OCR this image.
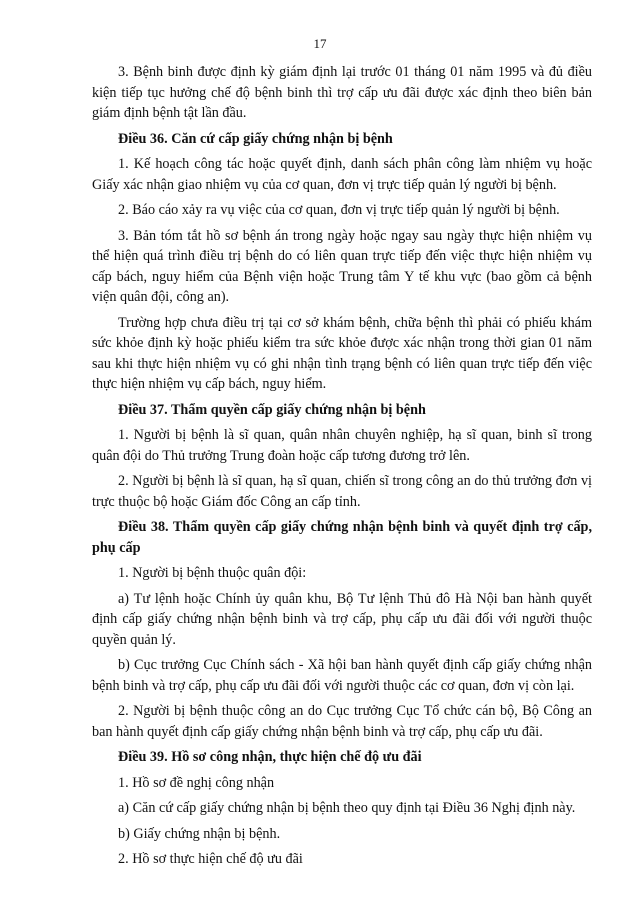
17

3. Bệnh binh được định kỳ giám định lại trước 01 tháng 01 năm 1995 và đủ điều kiện tiếp tục hưởng chế độ bệnh binh thì trợ cấp ưu đãi được xác định theo biên bản giám định bệnh tật lần đầu.

Điều 36. Căn cứ cấp giấy chứng nhận bị bệnh

1. Kế hoạch công tác hoặc quyết định, danh sách phân công làm nhiệm vụ hoặc Giấy xác nhận giao nhiệm vụ của cơ quan, đơn vị trực tiếp quản lý người bị bệnh.

2. Báo cáo xảy ra vụ việc của cơ quan, đơn vị trực tiếp quản lý người bị bệnh.

3. Bản tóm tắt hồ sơ bệnh án trong ngày hoặc ngay sau ngày thực hiện nhiệm vụ thể hiện quá trình điều trị bệnh do có liên quan trực tiếp đến việc thực hiện nhiệm vụ cấp bách, nguy hiểm của Bệnh viện hoặc Trung tâm Y tế khu vực (bao gồm cả bệnh viện quân đội, công an).

Trường hợp chưa điều trị tại cơ sở khám bệnh, chữa bệnh thì phải có phiếu khám sức khỏe định kỳ hoặc phiếu kiểm tra sức khỏe được xác nhận trong thời gian 01 năm sau khi thực hiện nhiệm vụ có ghi nhận tình trạng bệnh có liên quan trực tiếp đến việc thực hiện nhiệm vụ cấp bách, nguy hiểm.

Điều 37. Thẩm quyền cấp giấy chứng nhận bị bệnh

1. Người bị bệnh là sĩ quan, quân nhân chuyên nghiệp, hạ sĩ quan, binh sĩ trong quân đội do Thủ trưởng Trung đoàn hoặc cấp tương đương trở lên.

2. Người bị bệnh là sĩ quan, hạ sĩ quan, chiến sĩ trong công an do thủ trưởng đơn vị trực thuộc bộ hoặc Giám đốc Công an cấp tỉnh.

Điều 38. Thẩm quyền cấp giấy chứng nhận bệnh binh và quyết định trợ cấp, phụ cấp

1. Người bị bệnh thuộc quân đội:

a) Tư lệnh hoặc Chính ủy quân khu, Bộ Tư lệnh Thủ đô Hà Nội ban hành quyết định cấp giấy chứng nhận bệnh binh và trợ cấp, phụ cấp ưu đãi đối với người thuộc quyền quản lý.

b) Cục trưởng Cục Chính sách - Xã hội ban hành quyết định cấp giấy chứng nhận bệnh binh và trợ cấp, phụ cấp ưu đãi đối với người thuộc các cơ quan, đơn vị còn lại.

2. Người bị bệnh thuộc công an do Cục trưởng Cục Tổ chức cán bộ, Bộ Công an ban hành quyết định cấp giấy chứng nhận bệnh binh và trợ cấp, phụ cấp ưu đãi.

Điều 39. Hồ sơ công nhận, thực hiện chế độ ưu đãi

1. Hồ sơ đề nghị công nhận

a) Căn cứ cấp giấy chứng nhận bị bệnh theo quy định tại Điều 36 Nghị định này.

b) Giấy chứng nhận bị bệnh.

2. Hồ sơ thực hiện chế độ ưu đãi
